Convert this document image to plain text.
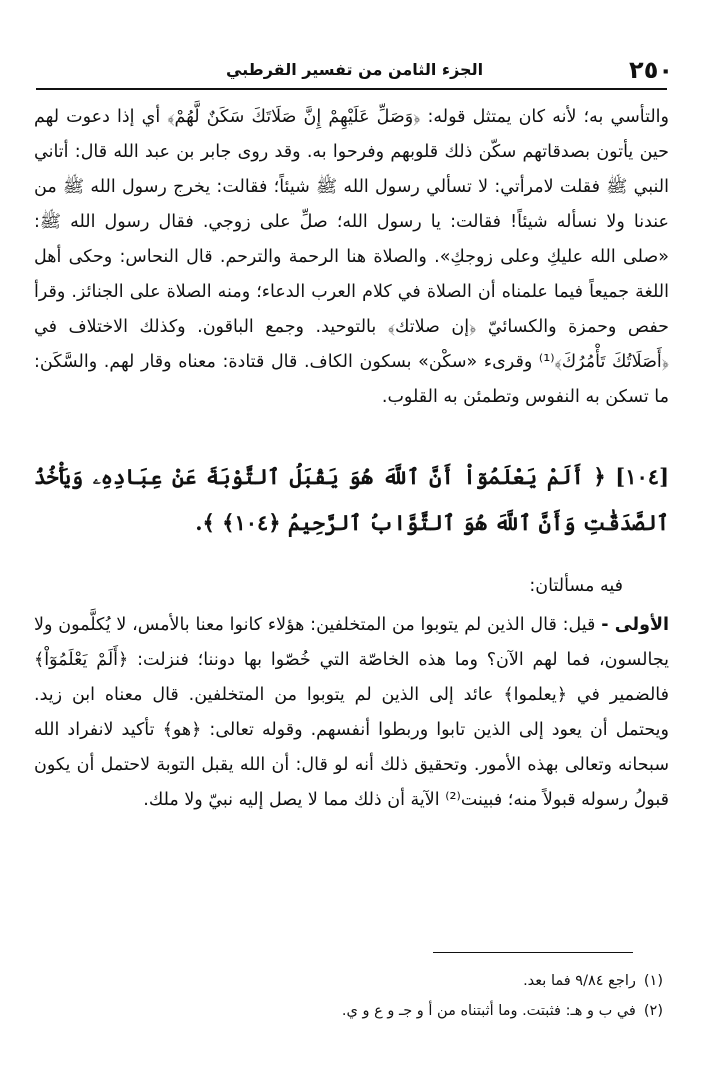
٢٥٠
الجزء الثامن من تفسير القرطبي

والتأسي به؛ لأنه كان يمتثل قوله: ﴿وَصَلِّ عَلَيْهِمْ إِنَّ صَلَاتَكَ سَكَنٌ لَّهُمْ﴾ أي إذا دعوت لهم حين يأتون بصدقاتهم سكّن ذلك قلوبهم وفرحوا به. وقد روى جابر بن عبد الله قال: أتاني النبي ﷺ فقلت لامرأتي: لا تسألي رسول الله ﷺ شيئاً؛ فقالت: يخرج رسول الله ﷺ من عندنا ولا نسأله شيئاً! فقالت: يا رسول الله؛ صلِّ على زوجي. فقال رسول الله ﷺ: «صلى الله عليكِ وعلى زوجكِ». والصلاة هنا الرحمة والترحم. قال النحاس: وحكى أهل اللغة جميعاً فيما علمناه أن الصلاة في كلام العرب الدعاء؛ ومنه الصلاة على الجنائز. وقرأ حفص وحمزة والكسائيّ ﴿إن صلاتك﴾ بالتوحيد. وجمع الباقون. وكذلك الاختلاف في ﴿أَصَلَاتُكَ تَأْمُرُكَ﴾⁽¹⁾ وقرىء «سكْن» بسكون الكاف. قال قتادة: معناه وقار لهم. والسَّكَن: ما تسكن به النفوس وتطمئن به القلوب.

[١٠٤] ﴿ أَلَمْ يَعْلَمُوٓاْ أَنَّ ٱللَّهَ هُوَ يَقْبَلُ ٱلتَّوْبَةَ عَنْ عِبَادِهِۦ وَيَأْخُذُ ٱلصَّدَقَٰتِ وَأَنَّ ٱللَّهَ هُوَ ٱلتَّوَّابُ ٱلرَّحِيمُ ﴿١٠٤﴾ ﴾.
فيه مسألتان:

الأولى - قيل: قال الذين لم يتوبوا من المتخلفين: هؤلاء كانوا معنا بالأمس، لا يُكلَّمون ولا يجالسون، فما لهم الآن؟ وما هذه الخاصّة التي خُصّوا بها دوننا؛ فنزلت: ﴿أَلَمْ يَعْلَمُوٓاْ﴾ فالضمير في ﴿يعلموا﴾ عائد إلى الذين لم يتوبوا من المتخلفين. قال معناه ابن زيد. ويحتمل أن يعود إلى الذين تابوا وربطوا أنفسهم. وقوله تعالى: ﴿هو﴾ تأكيد لانفراد الله سبحانه وتعالى بهذه الأمور. وتحقيق ذلك أنه لو قال: أن الله يقبل التوبة لاحتمل أن يكون قبولُ رسوله قبولاً منه؛ فبينت⁽²⁾ الآية أن ذلك مما لا يصل إليه نبيّ ولا ملك.

(١)راجع ٩/٨٤ فما بعد.

(٢)في ب و هـ: فثبتت. وما أثبتناه من أ و جـ و ع و ي.
